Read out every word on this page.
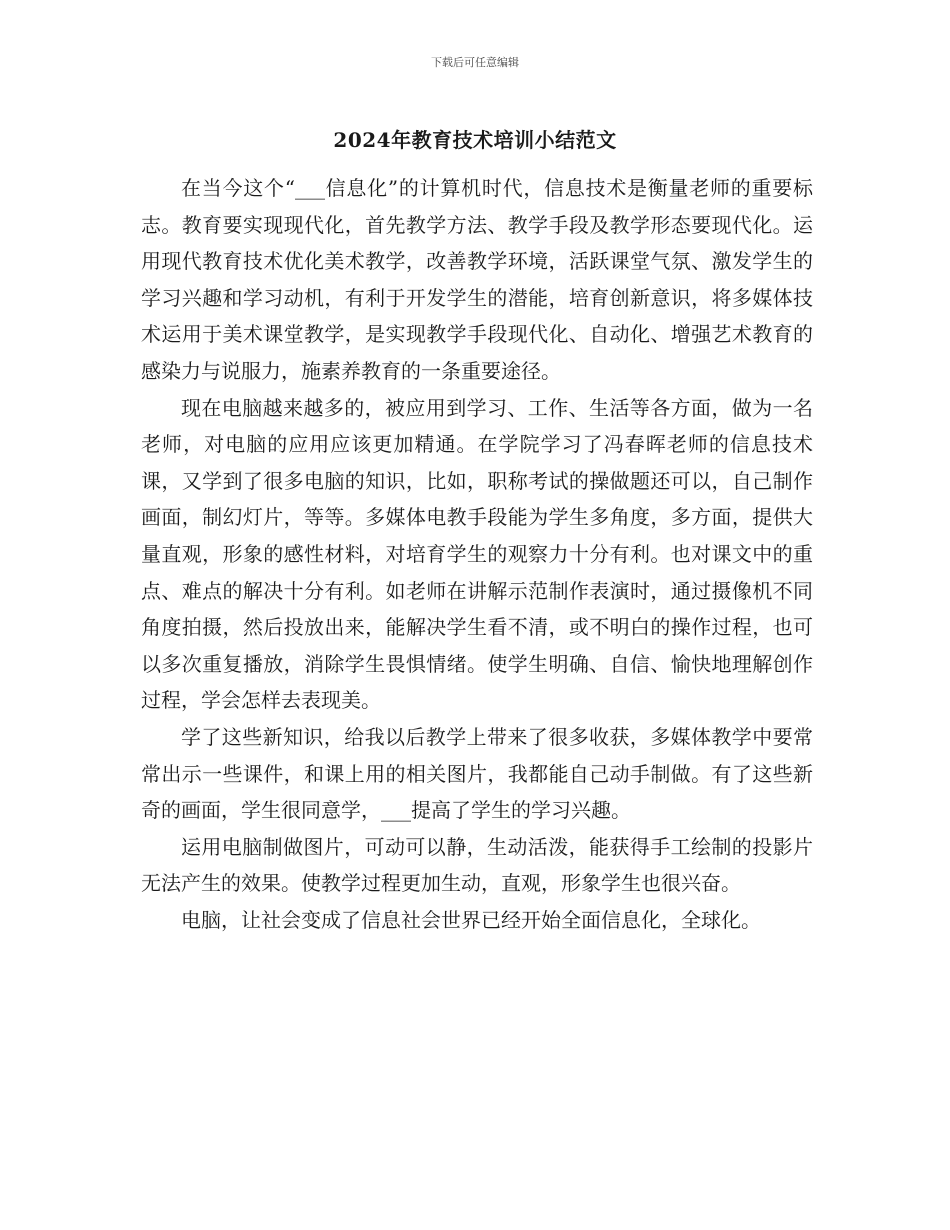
下载后可任意编辑
2024年教育技术培训小结范文

在当今这个“___信息化”的计算机时代，信息技术是衡量老师的重要标志。教育要实现现代化，首先教学方法、教学手段及教学形态要现代化。运用现代教育技术优化美术教学，改善教学环境，活跃课堂气氛、激发学生的学习兴趣和学习动机，有利于开发学生的潜能，培育创新意识，将多媒体技术运用于美术课堂教学，是实现教学手段现代化、自动化、增强艺术教育的感染力与说服力，施素养教育的一条重要途径。

现在电脑越来越多的，被应用到学习、工作、生活等各方面，做为一名老师，对电脑的应用应该更加精通。在学院学习了冯春晖老师的信息技术课，又学到了很多电脑的知识，比如，职称考试的操做题还可以，自己制作画面，制幻灯片，等等。多媒体电教手段能为学生多角度，多方面，提供大量直观，形象的感性材料，对培育学生的观察力十分有利。也对课文中的重点、难点的解决十分有利。如老师在讲解示范制作表演时，通过摄像机不同角度拍摄，然后投放出来，能解决学生看不清，或不明白的操作过程，也可以多次重复播放，消除学生畏惧情绪。使学生明确、自信、愉快地理解创作过程，学会怎样去表现美。

学了这些新知识，给我以后教学上带来了很多收获，多媒体教学中要常常出示一些课件，和课上用的相关图片，我都能自己动手制做。有了这些新奇的画面，学生很同意学，___提高了学生的学习兴趣。

运用电脑制做图片，可动可以静，生动活泼，能获得手工绘制的投影片无法产生的效果。使教学过程更加生动，直观，形象学生也很兴奋。

电脑，让社会变成了信息社会世界已经开始全面信息化，全球化。
